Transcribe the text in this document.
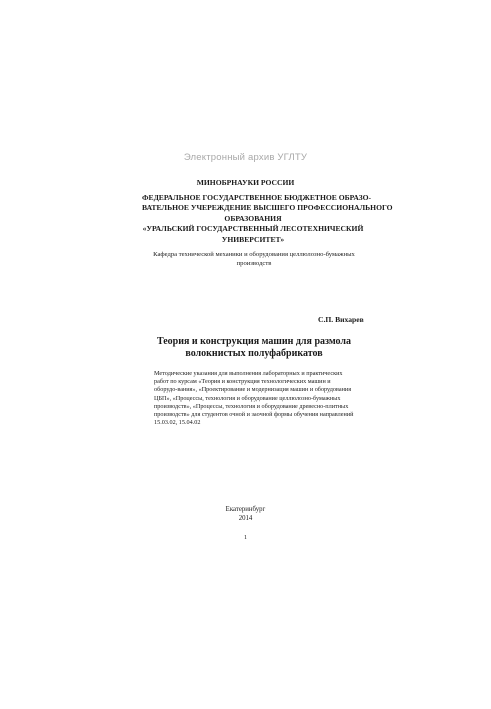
Электронный архив УГЛТУ
МИНОБРНАУКИ РОССИИ
ФЕДЕРАЛЬНОЕ ГОСУДАРСТВЕННОЕ БЮДЖЕТНОЕ ОБРАЗО-
ВАТЕЛЬНОЕ УЧЕРЕЖДЕНИЕ ВЫСШЕГО ПРОФЕССИОНАЛЬНОГО
ОБРАЗОВАНИЯ
«УРАЛЬСКИЙ ГОСУДАРСТВЕННЫЙ ЛЕСОТЕХНИЧЕСКИЙ
УНИВЕРСИТЕТ»
Кафедра технической механики и оборудования целлюлозно-бумажных
производств
С.П. Вихарев
Теория и конструкция машин для размола
волокнистых полуфабрикатов
Методические указания для выполнения лабораторных и практических
работ по курсам «Теория и конструкция технологических машин и
оборудо-вания», «Проектирование и модернизация машин и оборудования
ЦБП», «Процессы, технология и оборудование целлюлозно-бумажных
производств», «Процессы, технология и оборудование древесно-плитных
производств» для студентов очной и заочной формы обучения направлений
15.03.02, 15.04.02
Екатеринбург
2014
1
